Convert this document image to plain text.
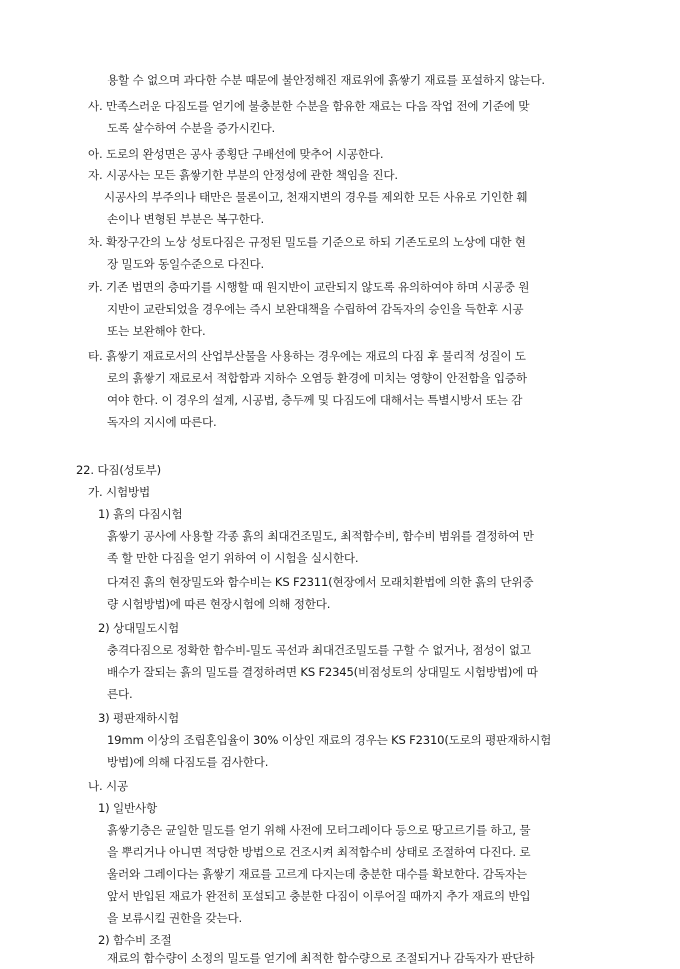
용할 수 없으며 과다한 수분 때문에 불안정해진 재료위에 흙쌓기 재료를 포설하지 않는다.
사. 만족스러운 다짐도를 얻기에 불충분한 수분을 함유한 재료는 다음 작업 전에 기준에 맞
도록 살수하여 수분을 증가시킨다.
아. 도로의 완성면은 공사 종횡단 구배선에 맞추어 시공한다.
자. 시공사는 모든 흙쌓기한 부분의 안정성에 관한 책임을 진다.
시공사의 부주의나 태만은 물론이고, 천재지변의 경우를 제외한 모든 사유로 기인한 훼
손이나 변형된 부분은 복구한다.
차. 확장구간의 노상 성토다짐은 규정된 밀도를 기준으로 하되 기존도로의 노상에 대한 현
장 밀도와 동일수준으로 다진다.
카. 기존 법면의 층따기를 시행할 때 원지반이 교란되지 않도록 유의하여야 하며 시공중 원
지반이 교란되었을 경우에는 즉시 보완대책을 수립하여 감독자의 승인을 득한후 시공
또는 보완해야 한다.
타. 흙쌓기 재료로서의 산업부산물을 사용하는 경우에는 재료의 다짐 후 물리적 성질이 도
로의 흙쌓기 재료로서 적합함과 지하수 오염등 환경에 미치는 영향이 안전함을 입증하
여야 한다. 이 경우의 설계, 시공법, 층두께 및 다짐도에 대해서는 특별시방서 또는 감
독자의 지시에 따른다.
22. 다짐(성토부)
가. 시험방법
1) 흙의 다짐시험
흙쌓기 공사에 사용할 각종 흙의 최대건조밀도, 최적함수비, 함수비 범위를 결정하여 만
족 할 만한 다짐을 얻기 위하여 이 시험을 실시한다.
다져진 흙의 현장밀도와 함수비는 KS F2311(현장에서 모래치환법에 의한 흙의 단위중
량 시험방법)에 따른 현장시험에 의해 정한다.
2) 상대밀도시험
충격다짐으로 정확한 함수비-밀도 곡선과 최대건조밀도를 구할 수 없거나, 점성이 없고
배수가 잘되는 흙의 밀도를 결정하려면 KS F2345(비점성토의 상대밀도 시험방법)에 따
른다.
3) 평판재하시험
19mm 이상의 조립혼입율이 30% 이상인 재료의 경우는 KS F2310(도로의 평판재하시험
방법)에 의해 다짐도를 검사한다.
나. 시공
1) 일반사항
흙쌓기층은 균일한 밀도를 얻기 위해 사전에 모터그레이다 등으로 땅고르기를 하고, 물
을 뿌리거나 아니면 적당한 방법으로 건조시켜 최적함수비 상태로 조절하여 다진다. 로
울러와 그레이다는 흙쌓기 재료를 고르게 다지는데 충분한 대수를 확보한다. 감독자는
앞서 반입된 재료가 완전히 포설되고 충분한 다짐이 이루어질 때까지 추가 재료의 반입
을 보류시킬 권한을 갖는다.
2) 함수비 조절
재료의 함수량이 소정의 밀도를 얻기에 최적한 함수량으로 조절되거나 감독자가 판단하
